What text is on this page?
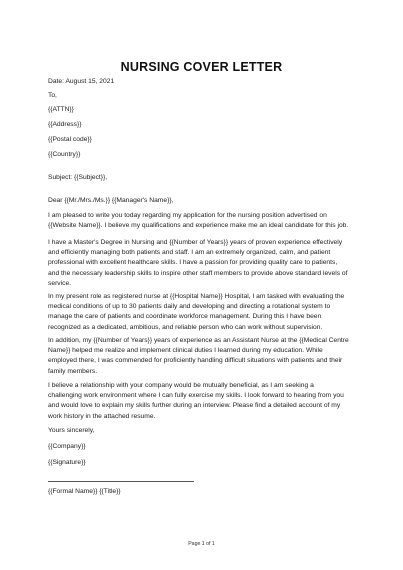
NURSING COVER LETTER
Date: August 15, 2021
To,
{{ATTN}}
{{Address}}
{{Postal code}}
{{Country}}
Subject: {{Subject}},
Dear {{Mr./Mrs./Ms.}} {{Manager's Name}},
I am pleased to write you today regarding my application for the nursing position advertised on
{{Website Name}}. I believe my qualifications and experience make me an ideal candidate for this job.
I have a Master's Degree in Nursing and {{Number of Years}} years of proven experience effectively
and efficiently managing both patients and staff. I am an extremely organized, calm, and patient
professional with excellent healthcare skills. I have a passion for providing quality care to patients,
and the necessary leadership skills to inspire other staff members to provide above standard levels of
service.
In my present role as registered nurse at {{Hospital Name}} Hospital, I am tasked with evaluating the
medical conditions of up to 30 patients daily and developing and directing a rotational system to
manage the care of patients and coordinate workforce management. During this I have been
recognized as a dedicated, ambitious, and reliable person who can work without supervision.
In addition, my {{Number of Years}} years of experience as an Assistant Nurse at the {{Medical Centre
Name}} helped me realize and implement clinical duties I learned during my education. While
employed there, I was commended for proficiently handling difficult situations with patients and their
family members.
I believe a relationship with your company would be mutually beneficial, as I am seeking a
challenging work environment where I can fully exercise my skills. I look forward to hearing from you
and would love to explain my skills further during an interview. Please find a detailed account of my
work history in the attached resume.
Yours sincerely,
{{Company}}
{{Signature}}
{{Formal Name}} {{Title}}
Page 1 of 1
